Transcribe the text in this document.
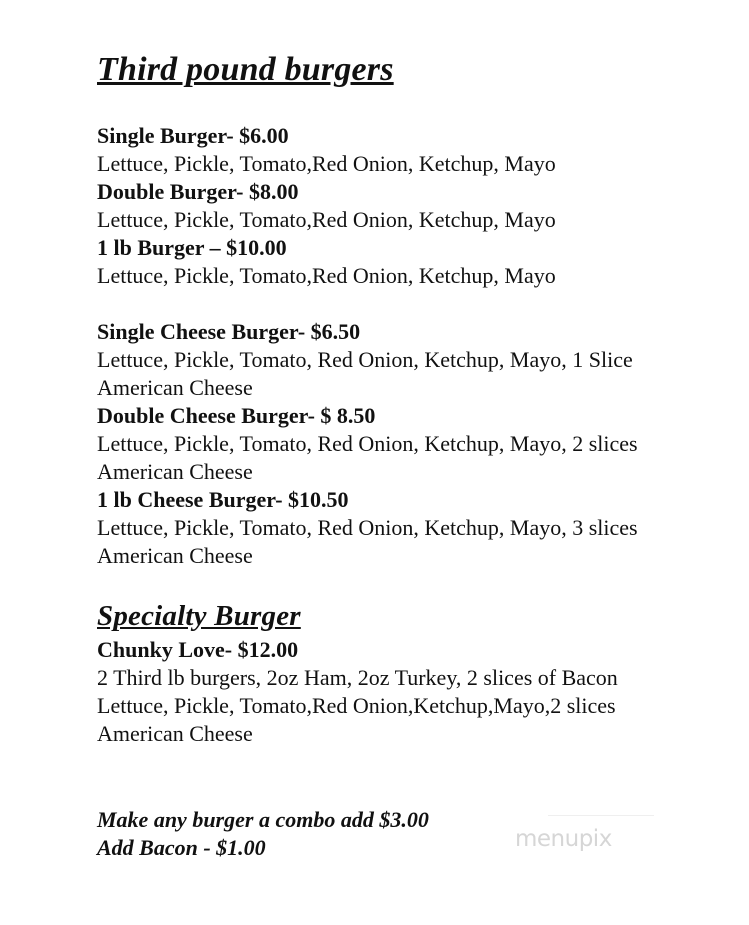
Third pound burgers

Single Burger- $6.00

Lettuce, Pickle, Tomato,Red Onion, Ketchup, Mayo

Double Burger- $8.00

Lettuce, Pickle, Tomato,Red Onion, Ketchup, Mayo

1 lb Burger – $10.00

Lettuce, Pickle, Tomato,Red Onion, Ketchup, Mayo

Single Cheese Burger- $6.50

Lettuce, Pickle, Tomato, Red Onion, Ketchup, Mayo, 1 Slice

American Cheese

Double Cheese Burger- $ 8.50

Lettuce, Pickle, Tomato, Red Onion, Ketchup, Mayo, 2 slices

American Cheese

1 lb Cheese Burger- $10.50

Lettuce, Pickle, Tomato, Red Onion, Ketchup, Mayo, 3 slices

American Cheese

Specialty Burger

Chunky Love- $12.00

2 Third lb burgers, 2oz Ham, 2oz Turkey, 2 slices of Bacon

Lettuce, Pickle, Tomato,Red Onion,Ketchup,Mayo,2 slices

American Cheese

Make any burger a combo add $3.00

Add Bacon - $1.00	menupix
